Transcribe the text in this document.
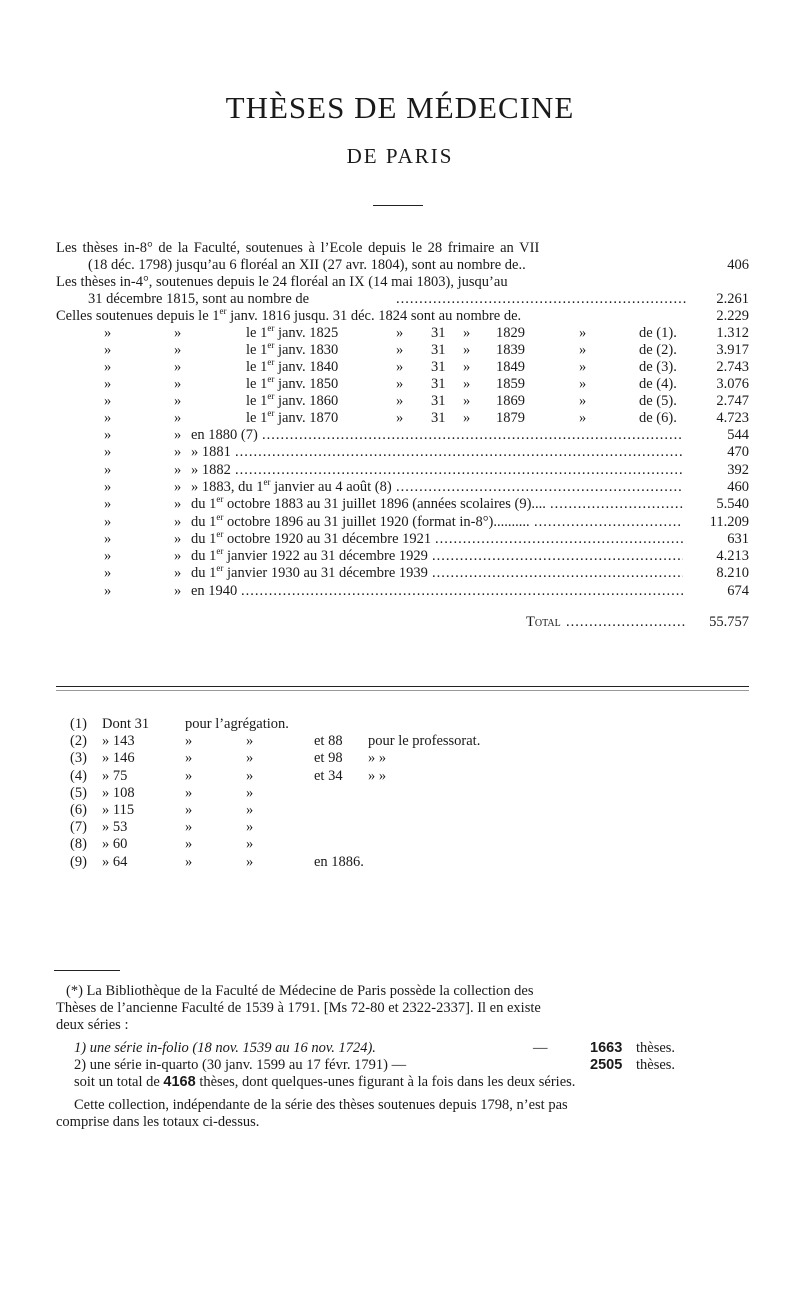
THÈSES DE MÉDECINE
DE PARIS
Les thèses in-8° de la Faculté, soutenues à l’Ecole depuis le 28 frimaire an VII
(18 déc. 1798) jusqu’au 6 floréal an XII (27 avr. 1804), sont au nombre de..	406
Les thèses in-4°, soutenues depuis le 24 floréal an IX (14 mai 1803), jusqu’au
31 décembre 1815, sont au nombre de .....	2.261
Celles soutenues depuis le 1er janv. 1816 jusqu. 31 déc. 1824 sont au nombre de.	2.229
»	»	le 1er janv. 1825	» 31 » 1829	»	de (1).	1.312
»	»	le 1er janv. 1830	» 31 » 1839	»	de (2).	3.917
»	»	le 1er janv. 1840	» 31 » 1849	»	de (3).	2.743
»	»	le 1er janv. 1850	» 31 » 1859	»	de (4).	3.076
»	»	le 1er janv. 1860	» 31 » 1869	»	de (5).	2.747
»	»	le 1er janv. 1870	» 31 » 1879	»	de (6).	4.723
»	» en 1880 (7) .....	544
»	» » 1881 .....	470
»	» » 1882 .....	392
»	» » 1883, du 1er janvier au 4 août (8) .....	460
»	» du 1er octobre 1883 au 31 juillet 1896 (années scolaires (9).... .....	5.540
»	» du 1er octobre 1896 au 31 juillet 1920 (format in-8°).......... .....	11.209
»	» du 1er octobre 1920 au 31 décembre 1921 .....	631
»	» du 1er janvier 1922 au 31 décembre 1929 .....	4.213
»	» du 1er janvier 1930 au 31 décembre 1939 .....	8.210
»	» en 1940 .....	674
Total .....	55.757
(1) Dont 31 pour l’agrégation.
(2) » 143	»	»	et 88 pour le professorat.
(3) » 146	»	»	et 98 » »
(4) » 75	»	»	et 34 » »
(5) » 108	»	»
(6) » 115	»	»
(7) » 53	»	»
(8) » 60	»	»
(9) » 64	»	»	en 1886.
(*) La Bibliothèque de la Faculté de Médecine de Paris possède la collection des
Thèses de l’ancienne Faculté de 1539 à 1791. [Ms 72-80 et 2322-2337]. Il en existe
deux séries :
1) une série in-folio (18 nov. 1539 au 16 nov. 1724).	—	1663 thèses.
2) une série in-quarto (30 janv. 1599 au 17 févr. 1791) —	2505 thèses.
soit un total de 4168 thèses, dont quelques-unes figurant à la fois dans les deux séries.
Cette collection, indépendante de la série des thèses soutenues depuis 1798, n’est pas
comprise dans les totaux ci-dessus.
